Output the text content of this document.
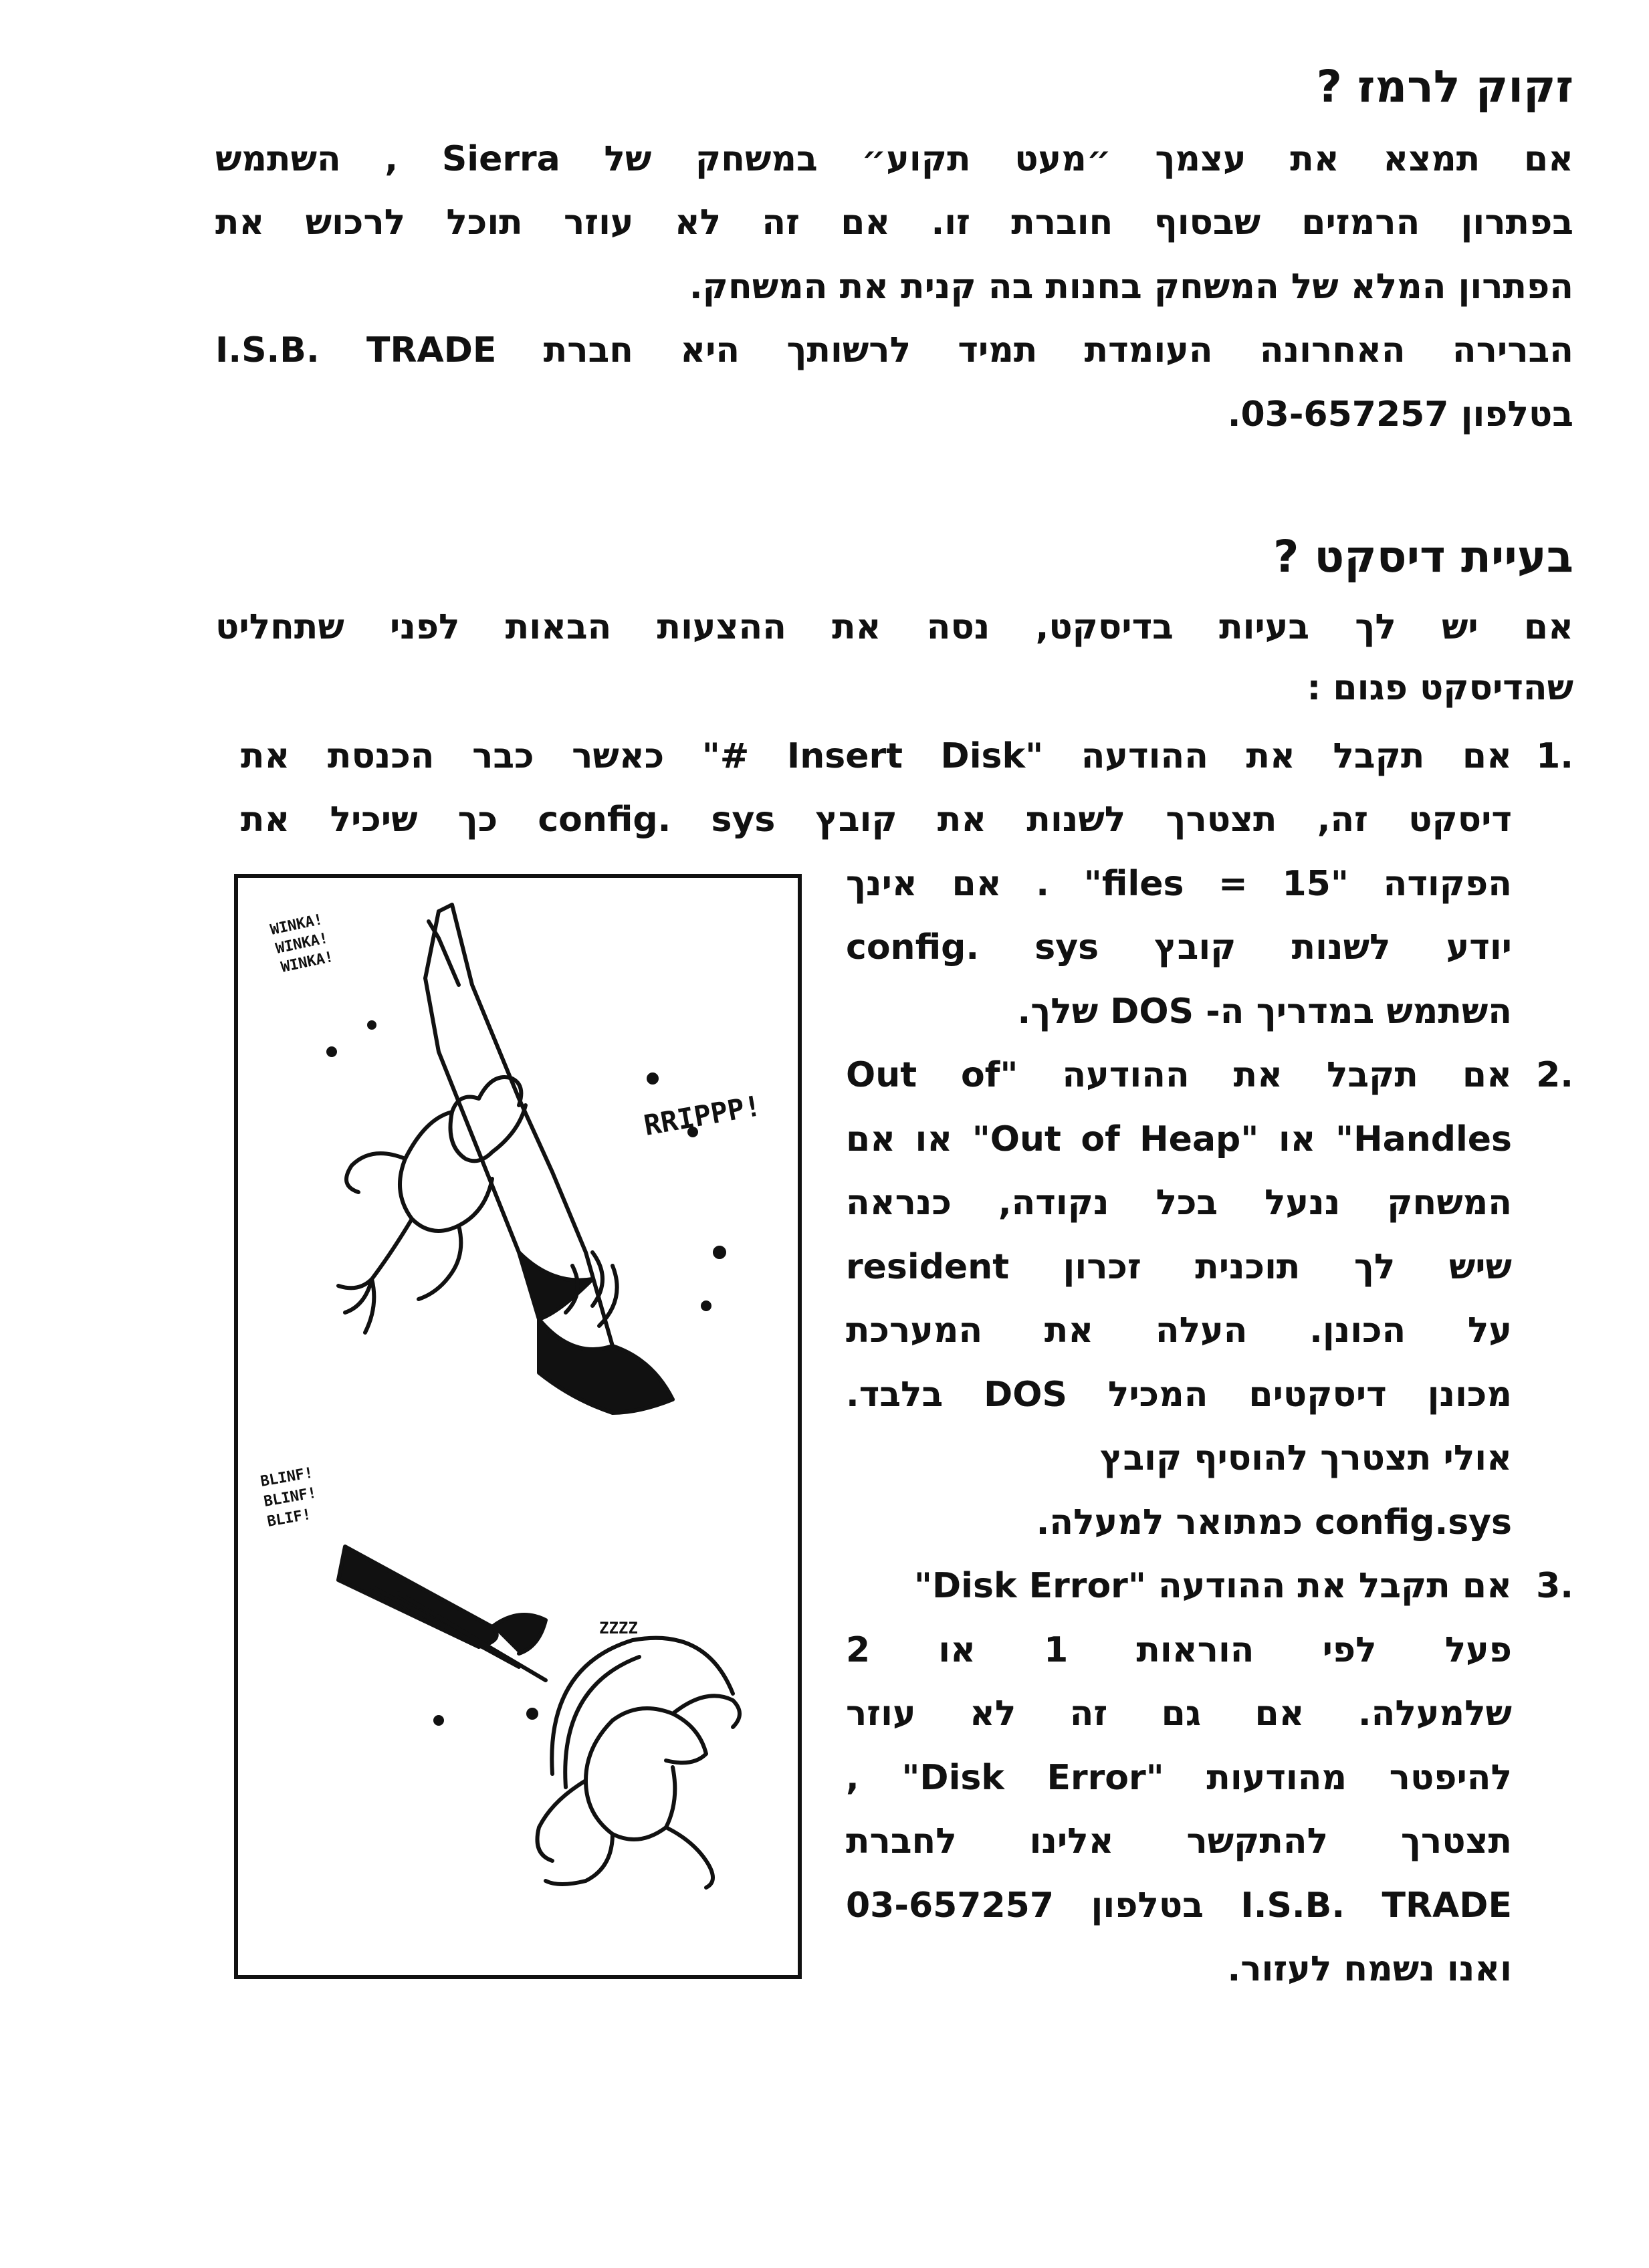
זקוק לרמז ?

אם תמצא את עצמך ״מעט תקוע״ במשחק של Sierra , השתמש

בפתרון הרמזים שבסוף חוברת זו. אם זה לא עוזר תוכל לרכוש את

הפתרון המלא של המשחק בחנות בה קנית את המשחק.

הברירה האחרונה העומדת תמיד לרשותך היא חברת I.S.B. TRADE

בטלפון 03-657257.

בעיית דיסקט ?

אם יש לך בעיות בדיסקט, נסה את ההצעות הבאות לפני שתחליט

שהדיסקט פגום :

1.

אם תקבל את ההודעה "Insert Disk #" כאשר כבר הכנסת את

דיסקט זה, תצטרך לשנות את קובץ config. sys כך שיכיל את

הפקודה "files = 15" . אם אינך

יודע לשנות קובץ config. sys

השתמש במדריך ה- DOS שלך.

2.

אם תקבל את ההודעה "Out of

Handles" או "Out of Heap" או אם

המשחק ננעל בכל נקודה, כנראה

שיש לך תוכנית זכרון resident

על הכונן. העלה את המערכת

מכונן דיסקטים המכיל DOS בלבד.

אולי תצטרך להוסיף קובץ

config.sys כמתואר למעלה.

3.

אם תקבל את ההודעה "Disk Error"

פעל לפי הוראות 1 או 2

שלמעלה. אם גם זה לא עוזר

להיפטר מהודעות "Disk Error" ,

תצטרך להתקשר אלינו לחברת

I.S.B. TRADE בטלפון 03-657257

ואנו נשמח לעזור.

WINKA!
WINKA!
WINKA!
RRIPPP!
BLINF!
BLINF!
BLIF!
ZZZZ
